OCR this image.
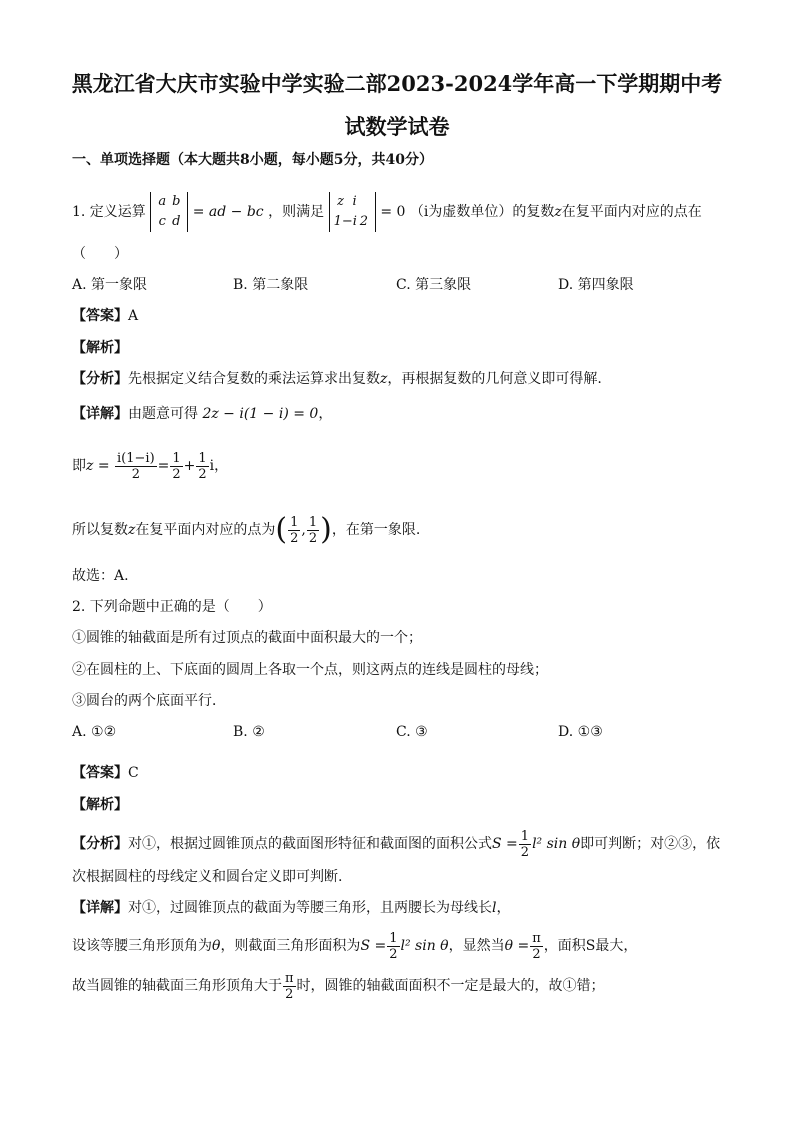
黑龙江省大庆市实验中学实验二部2023-2024学年高一下学期期中考
试数学试卷
一、单项选择题（本大题共8小题，每小题5分，共40分）
1. 定义运算 a b
c d = ad − bc ，则满足 z i
1−i 2 = 0 （i为虚数单位）的复数z在复平面内对应的点在
（　　）
A. 第一象限	B. 第二象限	C. 第三象限	D. 第四象限
【答案】A
【解析】
【分析】先根据定义结合复数的乘法运算求出复数z，再根据复数的几何意义即可得解.
【详解】由题意可得 2z − i(1 − i) = 0，
即$z = \frac{i(1-i)}{2} = \frac{1}{2} + \frac{1}{2}$ i，
所以复数z在复平面内对应的点为( $\frac{1}{2}$ , $\frac{1}{2}$ )，在第一象限.
故选：A.
2. 下列命题中正确的是（　　）
①圆锥的轴截面是所有过顶点的截面中面积最大的一个；
②在圆柱的上、下底面的圆周上各取一个点，则这两点的连线是圆柱的母线；
③圆台的两个底面平行．
A. ①②	B. ②	C. ③	D. ①③
【答案】C
【解析】
【分析】对①，根据过圆锥顶点的截面图形特征和截面图的面积公式$S = \frac{1}{2} l^2$ sin θ即可判断；对②③，依
次根据圆柱的母线定义和圆台定义即可判断.
【详解】对①，过圆锥顶点的截面为等腰三角形，且两腰长为母线长l，
设该等腰三角形顶角为θ，则截面三角形面积为$S = \frac{1}{2} l^2$ sin θ，显然当$\theta = \frac{\pi}{2}$ ，面积S最大，
故当圆锥的轴截面三角形顶角大于 $\frac{\pi}{2}$ 时，圆锥的轴截面面积不一定是最大的，故①错；
